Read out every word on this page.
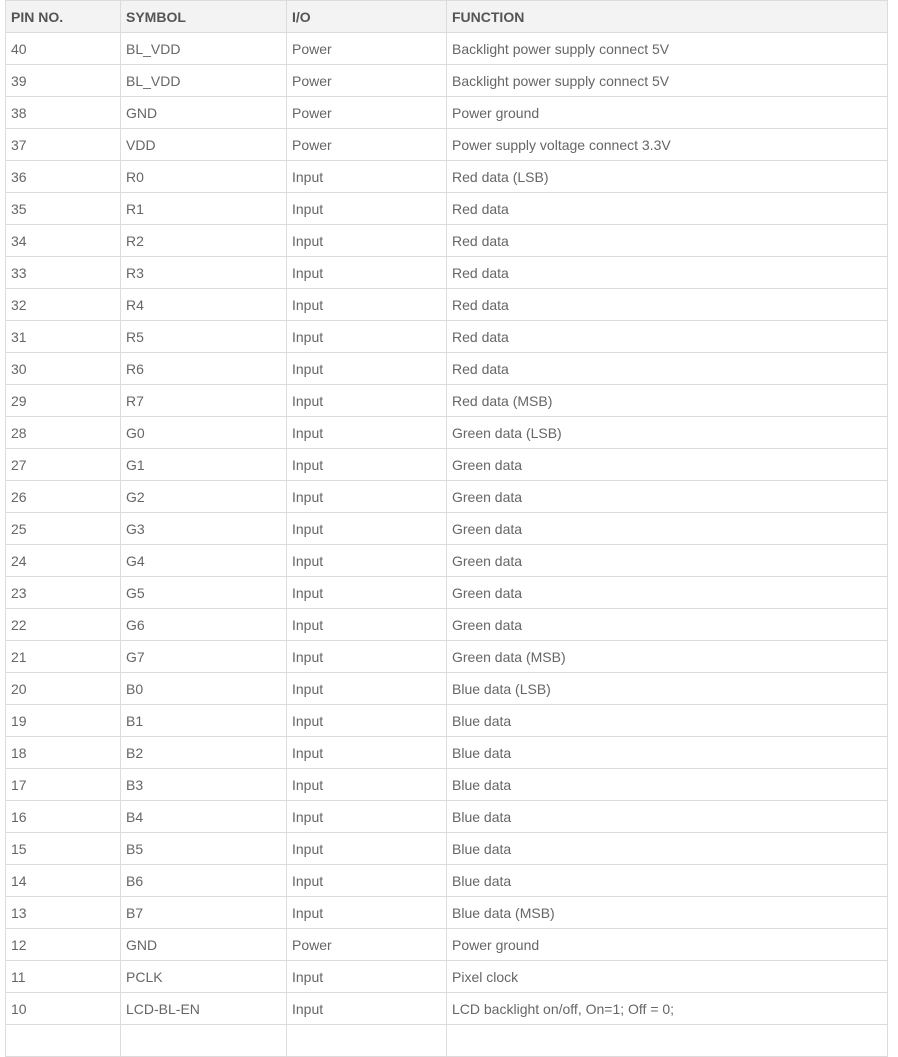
PIN NO.	SYMBOL	I/O	FUNCTION
40	BL_VDD	Power	Backlight power supply connect 5V
39	BL_VDD	Power	Backlight power supply connect 5V
38	GND	Power	Power ground
37	VDD	Power	Power supply voltage connect 3.3V
36	R0	Input	Red data (LSB)
35	R1	Input	Red data
34	R2	Input	Red data
33	R3	Input	Red data
32	R4	Input	Red data
31	R5	Input	Red data
30	R6	Input	Red data
29	R7	Input	Red data (MSB)
28	G0	Input	Green data (LSB)
27	G1	Input	Green data
26	G2	Input	Green data
25	G3	Input	Green data
24	G4	Input	Green data
23	G5	Input	Green data
22	G6	Input	Green data
21	G7	Input	Green data (MSB)
20	B0	Input	Blue data (LSB)
19	B1	Input	Blue data
18	B2	Input	Blue data
17	B3	Input	Blue data
16	B4	Input	Blue data
15	B5	Input	Blue data
14	B6	Input	Blue data
13	B7	Input	Blue data (MSB)
12	GND	Power	Power ground
11	PCLK	Input	Pixel clock
10	LCD-BL-EN	Input	LCD backlight on/off, On=1; Off = 0;
